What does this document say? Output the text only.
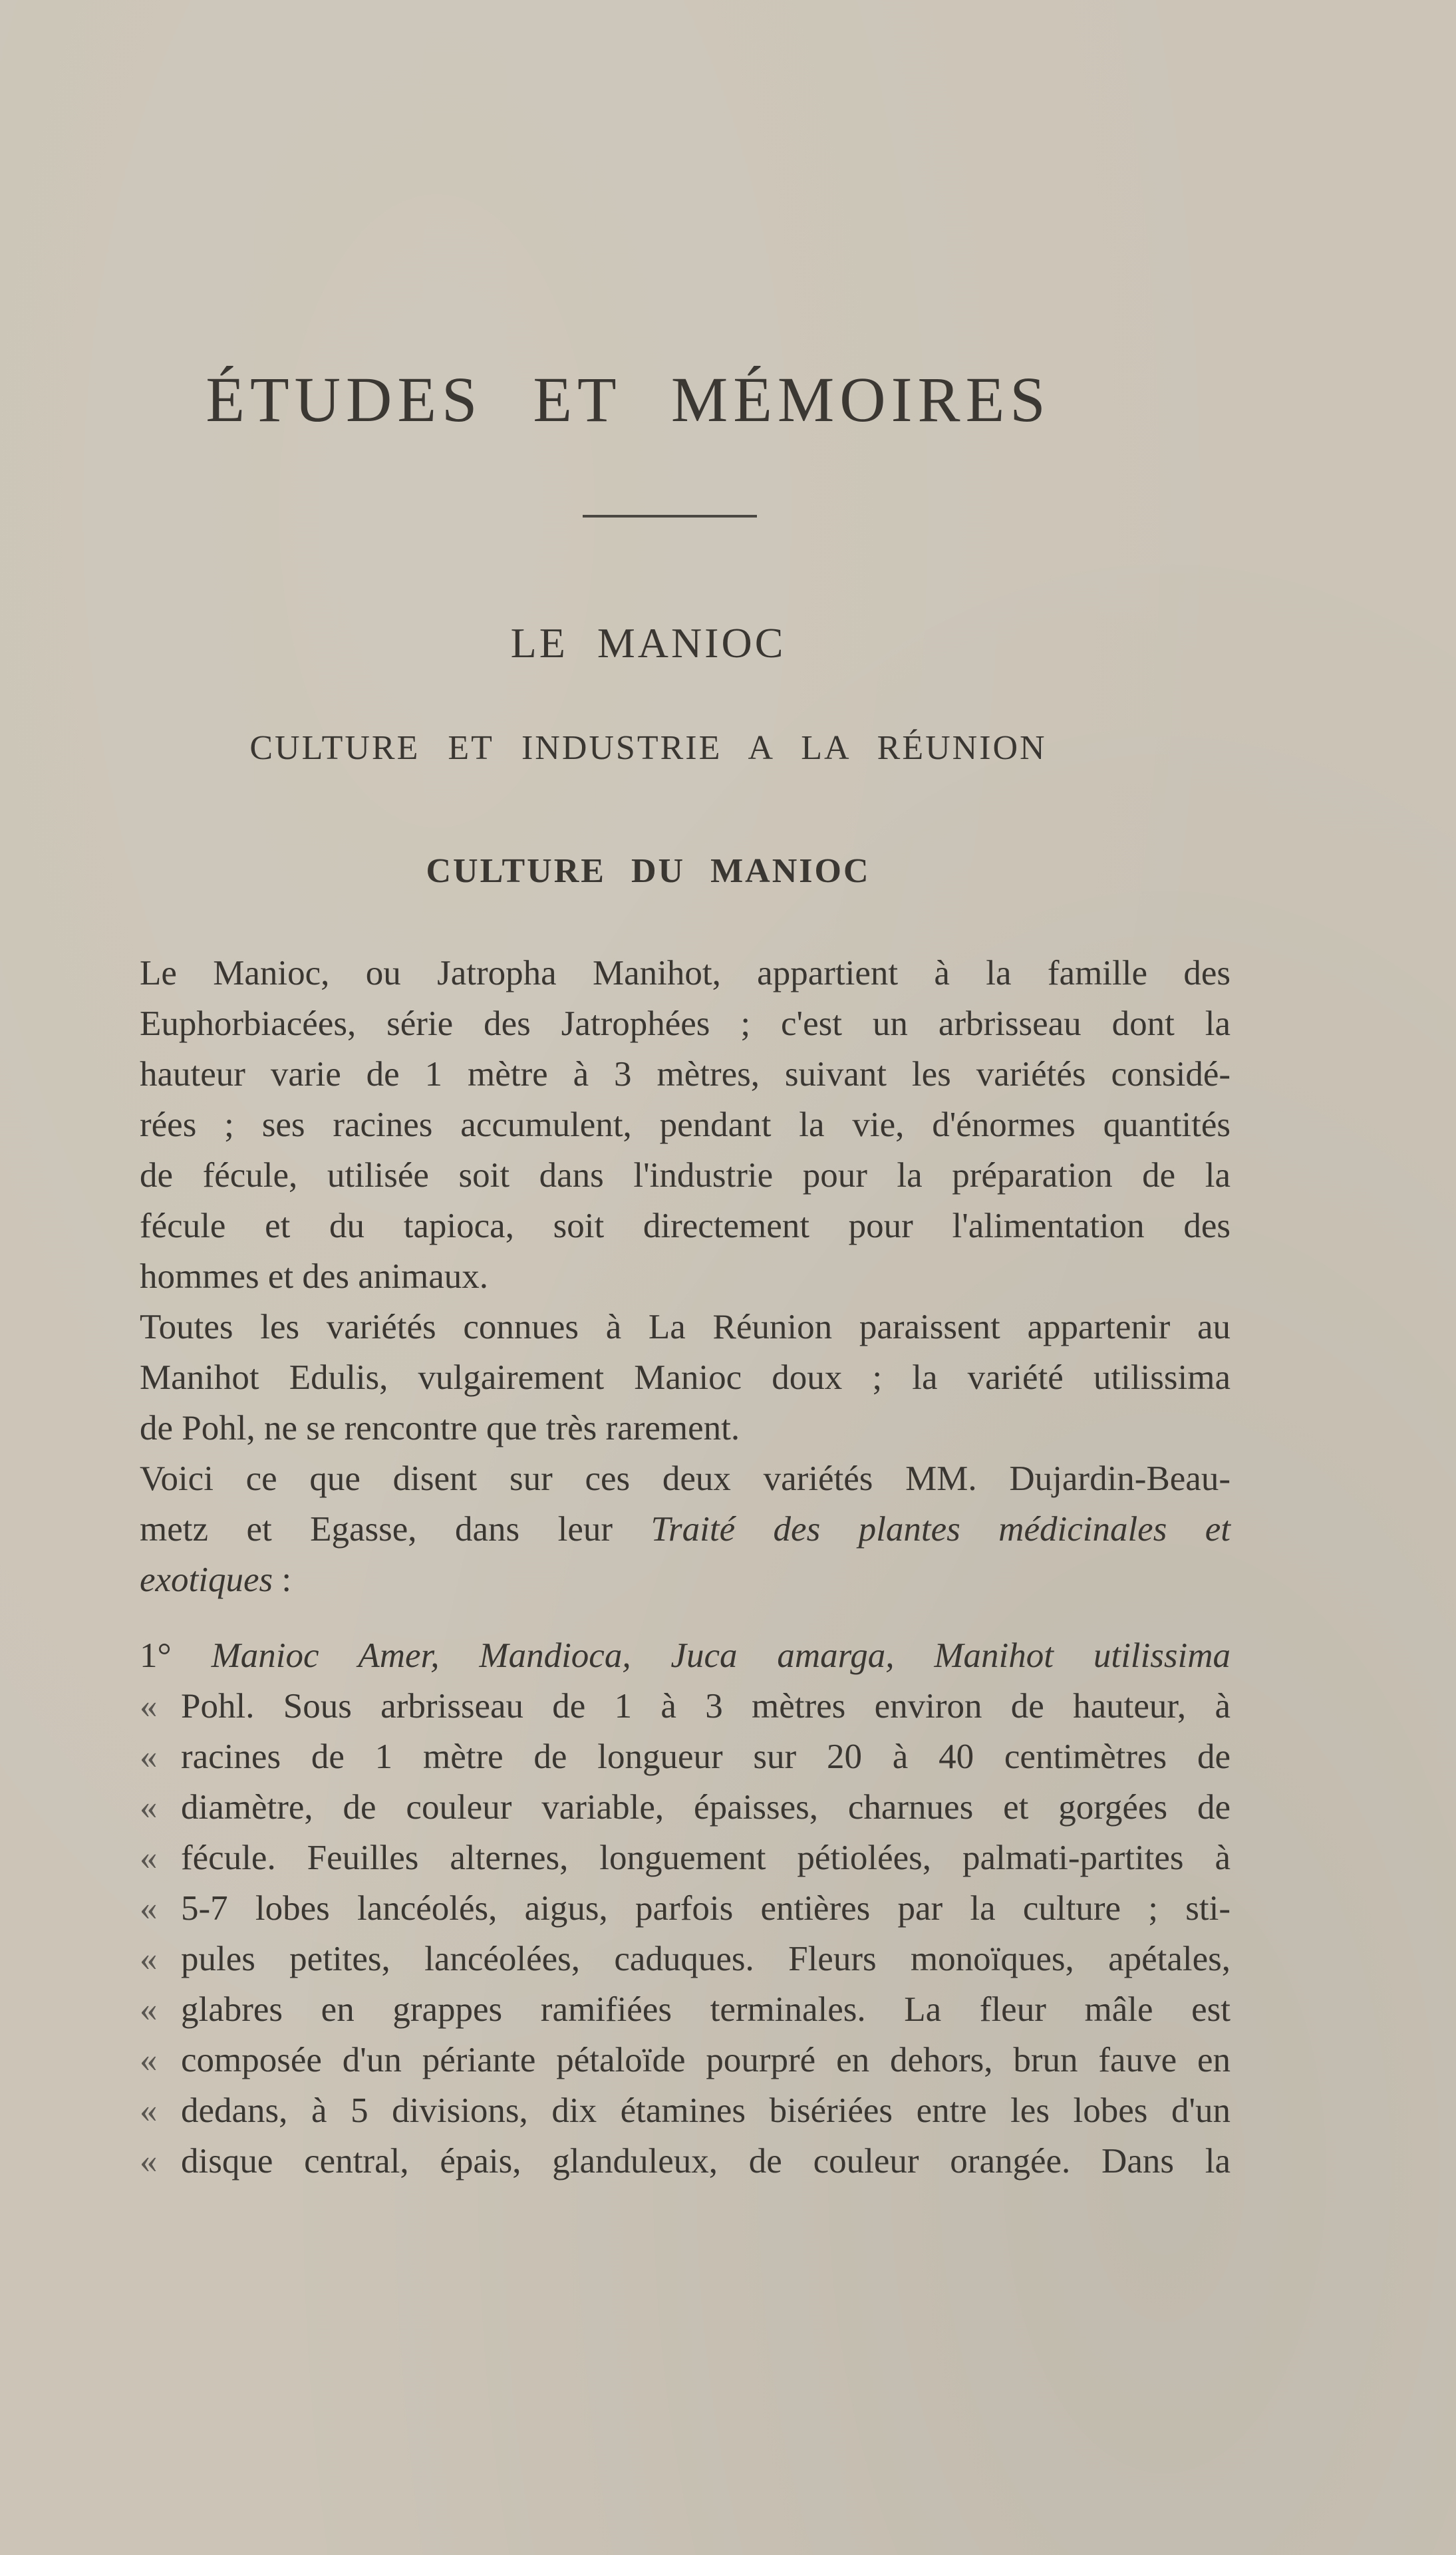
ÉTUDES ET MÉMOIRES
LE MANIOC
CULTURE ET INDUSTRIE A LA RÉUNION
CULTURE DU MANIOC
Le Manioc, ou Jatropha Manihot, appartient à la famille des
Euphorbiacées, série des Jatrophées ; c'est un arbrisseau dont la
hauteur varie de 1 mètre à 3 mètres, suivant les variétés considé-
rées ; ses racines accumulent, pendant la vie, d'énormes quantités
de fécule, utilisée soit dans l'industrie pour la préparation de la
fécule et du tapioca, soit directement pour l'alimentation des
hommes et des animaux.
Toutes les variétés connues à La Réunion paraissent appartenir au
Manihot Edulis, vulgairement Manioc doux ; la variété utilissima
de Pohl, ne se rencontre que très rarement.
Voici ce que disent sur ces deux variétés MM. Dujardin-Beau-
metz et Egasse, dans leur Traité des plantes médicinales et
exotiques :
1° Manioc Amer, Mandioca, Juca amarga, Manihot utilissima
« Pohl. Sous arbrisseau de 1 à 3 mètres environ de hauteur, à
« racines de 1 mètre de longueur sur 20 à 40 centimètres de
« diamètre, de couleur variable, épaisses, charnues et gorgées de
« fécule. Feuilles alternes, longuement pétiolées, palmati-partites à
« 5-7 lobes lancéolés, aigus, parfois entières par la culture ; sti-
« pules petites, lancéolées, caduques. Fleurs monoïques, apétales,
« glabres en grappes ramifiées terminales. La fleur mâle est
« composée d'un périante pétaloïde pourpré en dehors, brun fauve en
« dedans, à 5 divisions, dix étamines bisériées entre les lobes d'un
« disque central, épais, glanduleux, de couleur orangée. Dans la
